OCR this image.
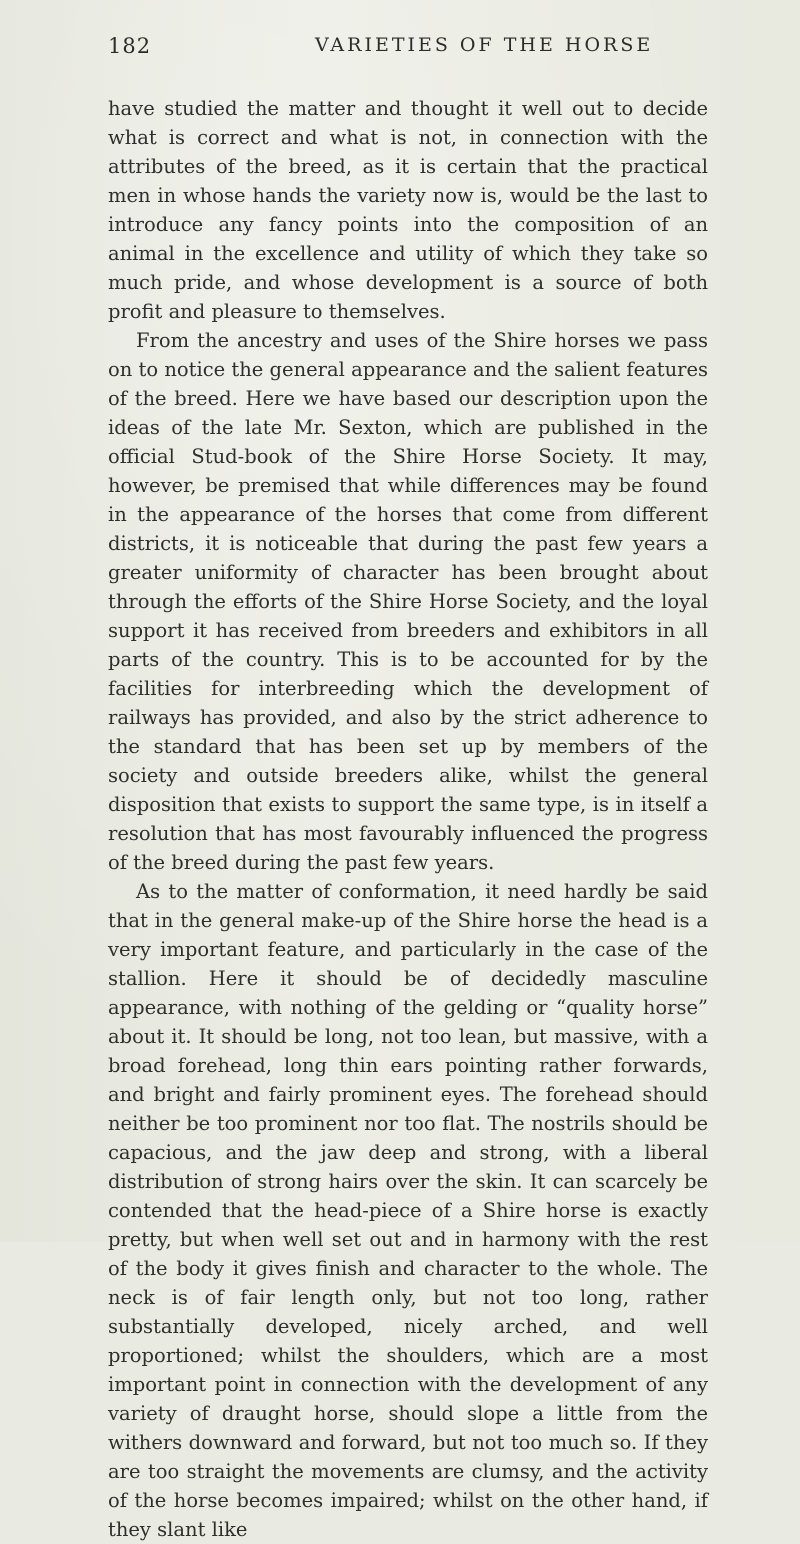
182	VARIETIES OF THE HORSE

have studied the matter and thought it well out to decide what is correct and what is not, in connection with the attributes of the breed, as it is certain that the practical men in whose hands the variety now is, would be the last to introduce any fancy points into the composition of an animal in the excellence and utility of which they take so much pride, and whose development is a source of both profit and pleasure to themselves.

From the ancestry and uses of the Shire horses we pass on to notice the general appearance and the salient features of the breed. Here we have based our description upon the ideas of the late Mr. Sexton, which are published in the official Stud-book of the Shire Horse Society. It may, however, be premised that while differences may be found in the appearance of the horses that come from different districts, it is noticeable that during the past few years a greater uniformity of character has been brought about through the efforts of the Shire Horse Society, and the loyal support it has received from breeders and exhibitors in all parts of the country. This is to be accounted for by the facilities for interbreeding which the development of railways has provided, and also by the strict adherence to the standard that has been set up by members of the society and outside breeders alike, whilst the general disposition that exists to support the same type, is in itself a resolution that has most favourably influenced the progress of the breed during the past few years.

As to the matter of conformation, it need hardly be said that in the general make-up of the Shire horse the head is a very important feature, and particularly in the case of the stallion. Here it should be of decidedly masculine appearance, with nothing of the gelding or “quality horse” about it. It should be long, not too lean, but massive, with a broad forehead, long thin ears pointing rather forwards, and bright and fairly prominent eyes. The forehead should neither be too prominent nor too flat. The nostrils should be capacious, and the jaw deep and strong, with a liberal distribution of strong hairs over the skin. It can scarcely be contended that the head-piece of a Shire horse is exactly pretty, but when well set out and in harmony with the rest of the body it gives finish and character to the whole. The neck is of fair length only, but not too long, rather substantially developed, nicely arched, and well proportioned; whilst the shoulders, which are a most important point in connection with the development of any variety of draught horse, should slope a little from the withers downward and forward, but not too much so. If they are too straight the movements are clumsy, and the activity of the horse becomes impaired; whilst on the other hand, if they slant like
